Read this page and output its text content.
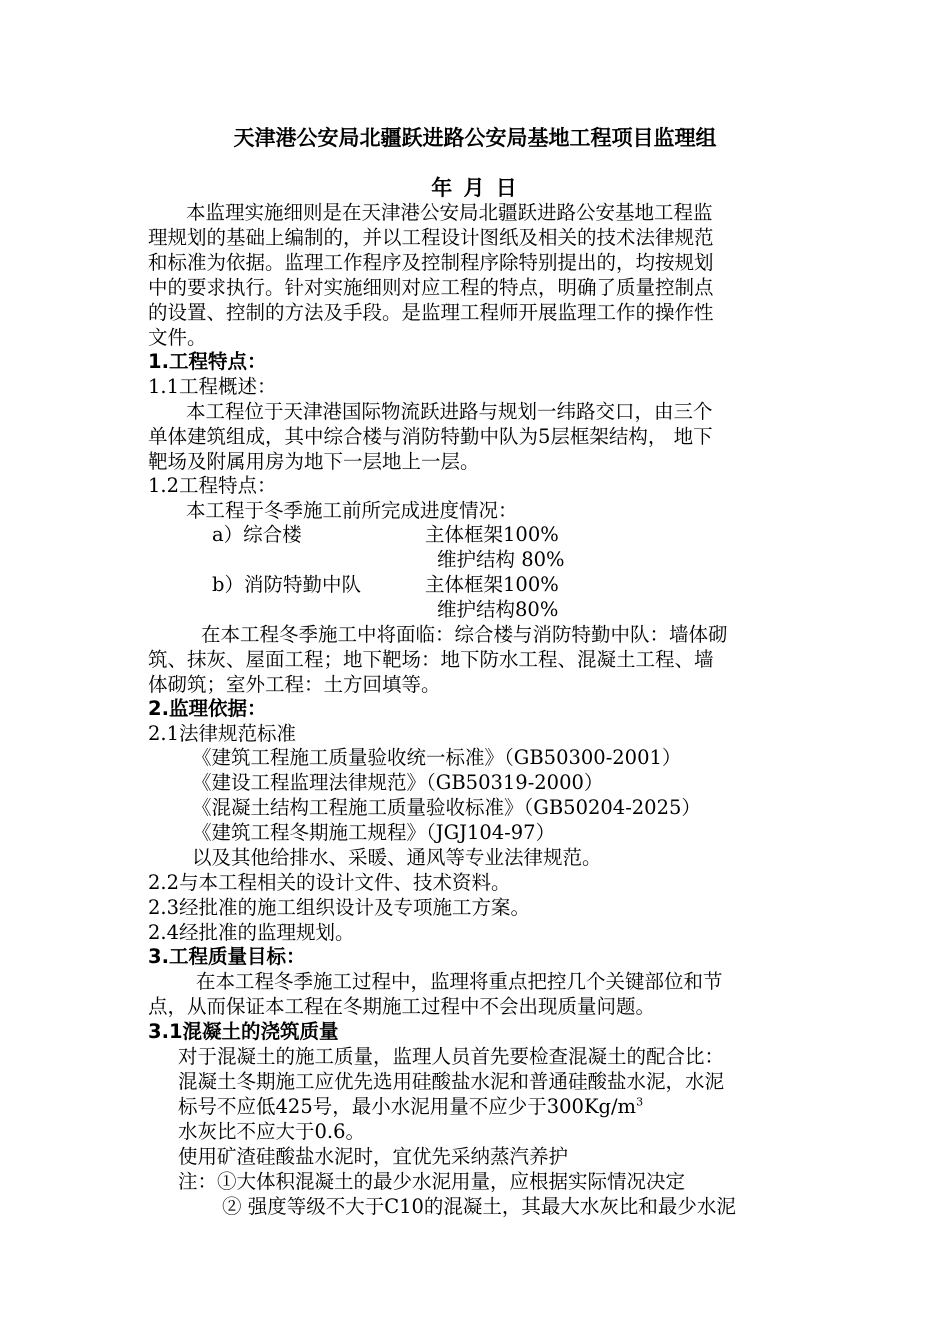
天津港公安局北疆跃进路公安局基地工程项目监理组
年 月 日
本监理实施细则是在天津港公安局北疆跃进路公安基地工程监
理规划的基础上编制的，并以工程设计图纸及相关的技术法律规范
和标准为依据。监理工作程序及控制程序除特别提出的，均按规划
中的要求执行。针对实施细则对应工程的特点，明确了质量控制点
的设置、控制的方法及手段。是监理工程师开展监理工作的操作性
文件。
1.工程特点：
1.1工程概述：
本工程位于天津港国际物流跃进路与规划一纬路交口，由三个
单体建筑组成，其中综合楼与消防特勤中队为5层框架结构， 地下
靶场及附属用房为地下一层地上一层。
1.2工程特点：
本工程于冬季施工前所完成进度情况：
a）综合楼	主体框架100%
维护结构 80%
b）消防特勤中队	主体框架100%
维护结构80%
在本工程冬季施工中将面临：综合楼与消防特勤中队：墙体砌
筑、抹灰、屋面工程；地下靶场：地下防水工程、混凝土工程、墙
体砌筑；室外工程：土方回填等。
2.监理依据：
2.1法律规范标准
《建筑工程施工质量验收统一标准》（GB50300-2001）
《建设工程监理法律规范》（GB50319-2000）
《混凝土结构工程施工质量验收标准》（GB50204-2025）
《建筑工程冬期施工规程》（JGJ104-97）
以及其他给排水、采暖、通风等专业法律规范。
2.2与本工程相关的设计文件、技术资料。
2.3经批准的施工组织设计及专项施工方案。
2.4经批准的监理规划。
3.工程质量目标：
在本工程冬季施工过程中，监理将重点把控几个关键部位和节
点，从而保证本工程在冬期施工过程中不会出现质量问题。
3.1混凝土的浇筑质量
对于混凝土的施工质量，监理人员首先要检查混凝土的配合比：
混凝土冬期施工应优先选用硅酸盐水泥和普通硅酸盐水泥，水泥
标号不应低425号，最小水泥用量不应少于$300Kg/m^3$
水灰比不应大于0.6。
使用矿渣硅酸盐水泥时，宜优先采纳蒸汽养护
注：①大体积混凝土的最少水泥用量，应根据实际情况决定
② 强度等级不大于C10的混凝土，其最大水灰比和最少水泥
